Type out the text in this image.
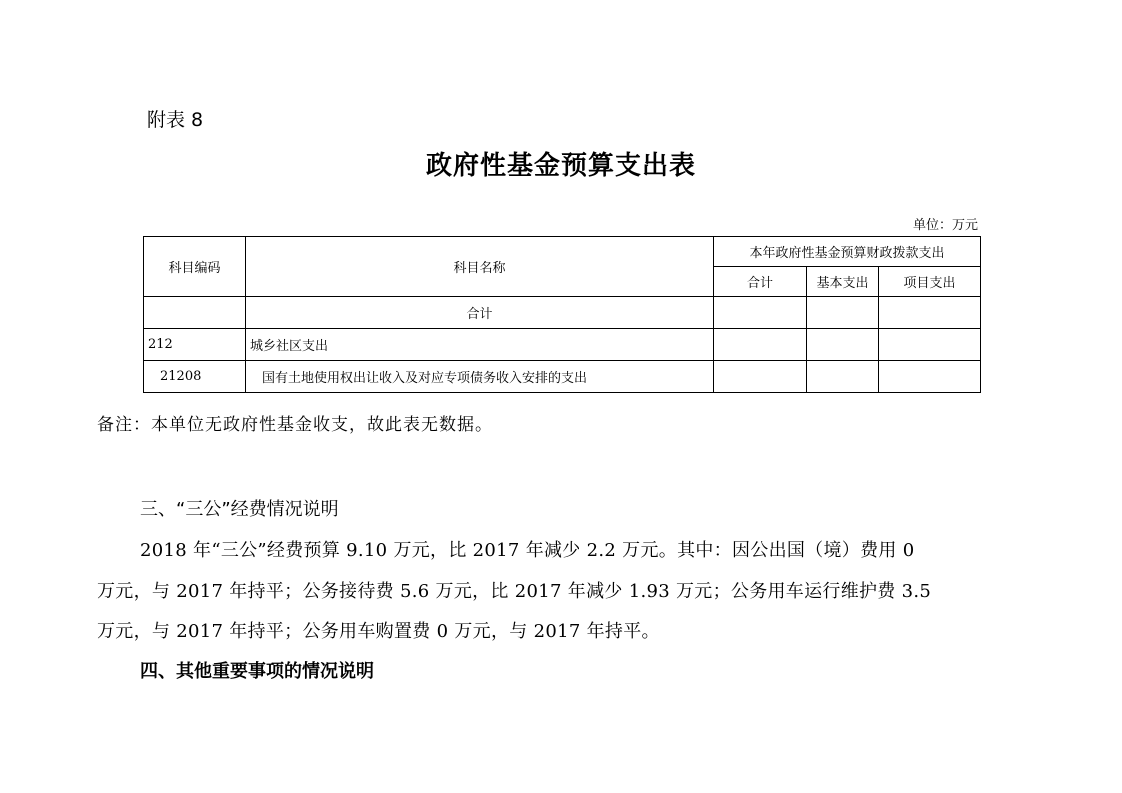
附表 8
政府性基金预算支出表
单位：万元
科目编码	科目名称	本年政府性基金预算财政拨款支出		
		合计	基本支出	项目支出
	合计			
212	城乡社区支出			
21208	国有土地使用权出让收入及对应专项债务收入安排的支出			
备注：本单位无政府性基金收支，故此表无数据。
三、“三公”经费情况说明
2018 年“三公”经费预算 9.10 万元，比 2017 年减少 2.2 万元。其中：因公出国（境）费用 0
万元，与 2017 年持平；公务接待费 5.6 万元，比 2017 年减少 1.93 万元；公务用车运行维护费 3.5
万元，与 2017 年持平；公务用车购置费 0 万元，与 2017 年持平。
四、其他重要事项的情况说明
